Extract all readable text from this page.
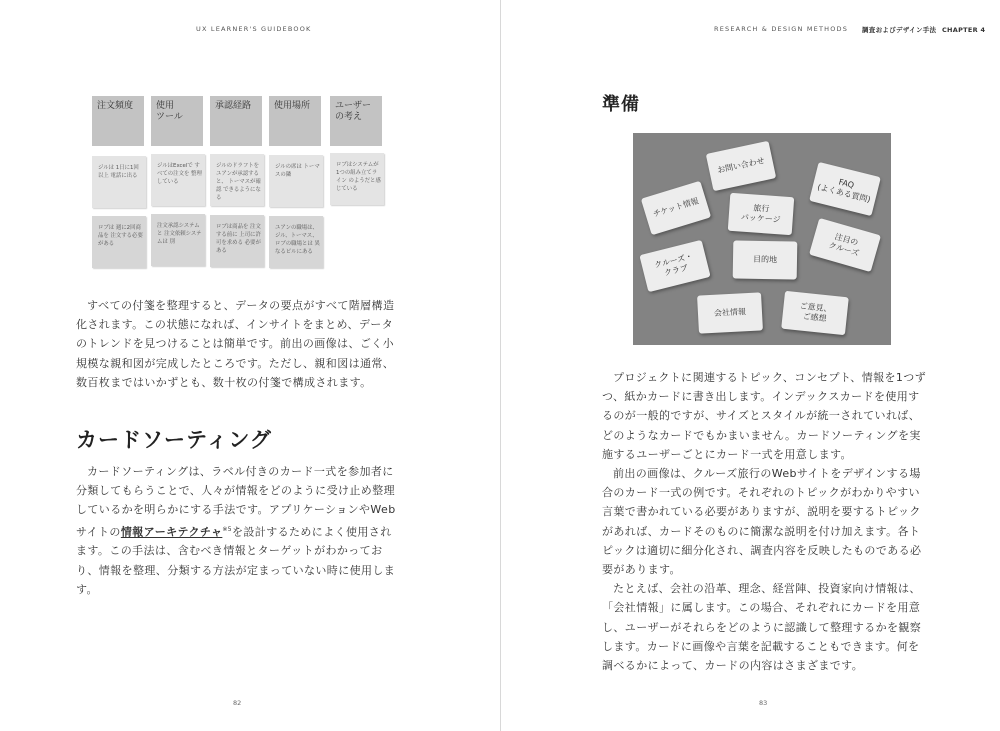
UX LEARNER'S GUIDEBOOK	RESEARCH & DESIGN METHODS 調査およびデザイン手法 CHAPTER 4
注文頻度	使用
ツール
承認経路	使用場所	ユーザー
の考え
ジルは 1日に1回以上 電話に出る
ジルはExcelで すべての注文を 整理している
ジルのドラフトを ユアンが承認すると、 トーマスが確認 できるようになる
ジルの席は トーマスの隣
ロブはシステムが 1つの組み立てライン のようだと感じている
ロブは 週に2回商品を 注文する必要がある
注文承認システムと 注文依頼システムは 別
ロブは商品を 注文する前に 上司に許可を求める 必要がある
ユアンの職場は、 ジル、トーマス、 ロブの職場とは 異なるビルにある
すべての付箋を整理すると、データの要点がすべて階層構造化されます。この状態になれば、インサイトをまとめ、データのトレンドを見つけることは簡単です。前出の画像は、ごく小規模な親和図が完成したところです。ただし、親和図は通常、数百枚まではいかずとも、数十枚の付箋で構成されます。
カードソーティング
カードソーティングは、ラベル付きのカード一式を参加者に分類してもらうことで、人々が情報をどのように受け止め整理しているかを明らかにする手法です。アプリケーションやWebサイトの情報アーキテクチャ$^{※5}$を設計するためによく使用されます。この手法は、含むべき情報とターゲットがわかっており、情報を整理、分類する方法が定まっていない時に使用します。
82
準備
お問い合わせ
FAQ
(よくある質問)
チケット情報	旅行
パッケージ
注目の
クルーズ
クルーズ・
クラブ
目的地
会社情報	ご意見、
ご感想
プロジェクトに関連するトピック、コンセプト、情報を1つずつ、紙かカードに書き出します。インデックスカードを使用するのが一般的ですが、サイズとスタイルが統一されていれば、どのようなカードでもかまいません。カードソーティングを実施するユーザーごとにカード一式を用意します。
前出の画像は、クルーズ旅行のWebサイトをデザインする場合のカード一式の例です。それぞれのトピックがわかりやすい言葉で書かれている必要がありますが、説明を要するトピックがあれば、カードそのものに簡潔な説明を付け加えます。各トピックは適切に細分化され、調査内容を反映したものである必要があります。
たとえば、会社の沿革、理念、経営陣、投資家向け情報は、「会社情報」に属します。この場合、それぞれにカードを用意し、ユーザーがそれらをどのように認識して整理するかを観察します。カードに画像や言葉を記載することもできます。何を調べるかによって、カードの内容はさまざまです。
83
